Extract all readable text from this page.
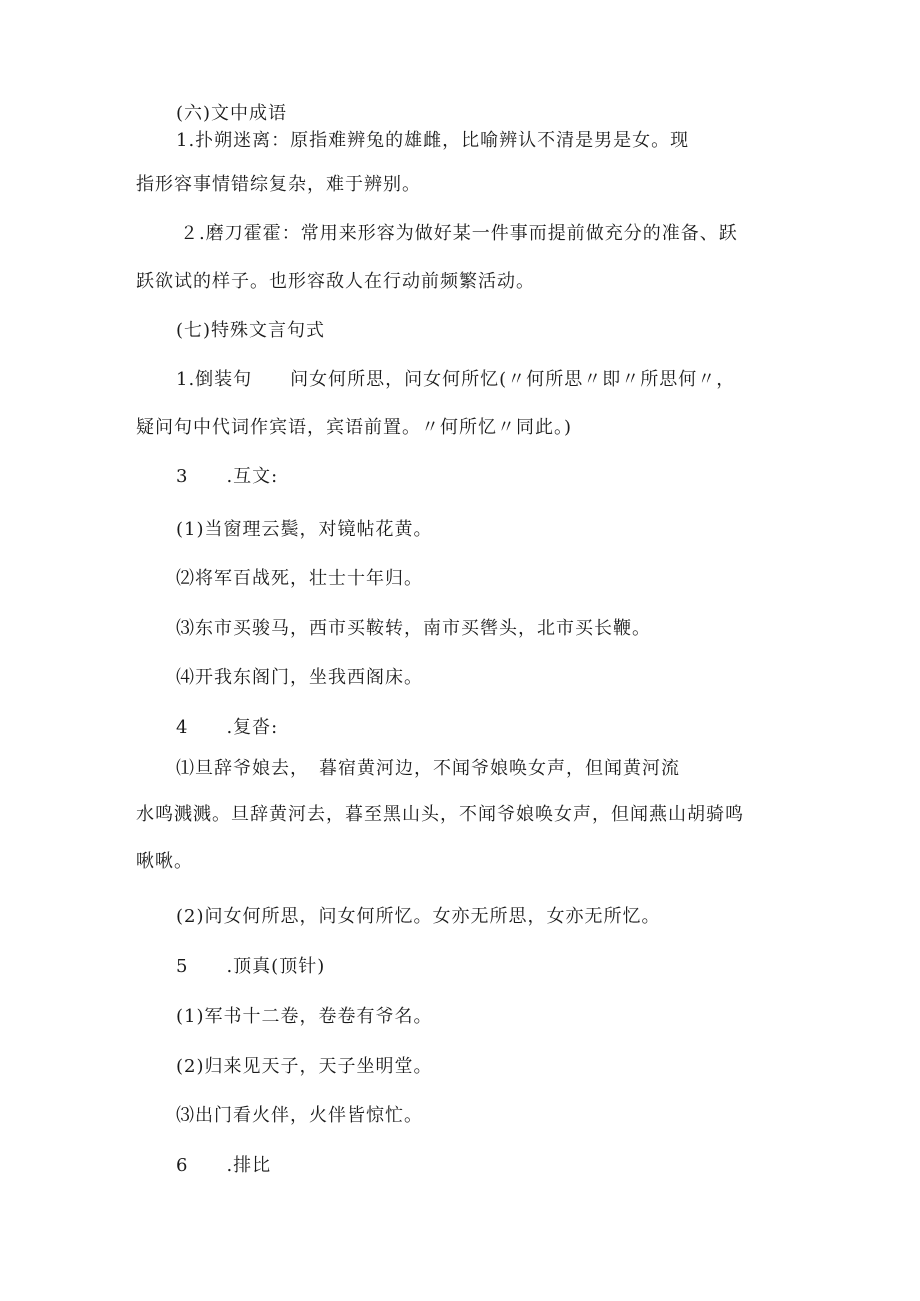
(六)文中成语
1.扑朔迷离：原指难辨兔的雄雌，比喻辨认不清是男是女。现
指形容事情错综复杂，难于辨别。
２.磨刀霍霍：常用来形容为做好某一件事而提前做充分的准备、跃
跃欲试的样子。也形容敌人在行动前频繁活动。
(七)特殊文言句式
1.倒装句　　问女何所思，问女何所忆(〃何所思〃即〃所思何〃，
疑问句中代词作宾语，宾语前置。〃何所忆〃同此。)
3 .互文:
(1)当窗理云鬓，对镜帖花黄。
⑵将军百战死，壮士十年归。
⑶东市买骏马，西市买鞍转，南市买辔头，北市买长鞭。
⑷开我东阁门，坐我西阁床。
4 .复沓:
⑴旦辞爷娘去，　暮宿黄河边，不闻爷娘唤女声，但闻黄河流
水鸣溅溅。旦辞黄河去，暮至黑山头，不闻爷娘唤女声，但闻燕山胡骑鸣
啾啾。
(2)问女何所思，问女何所忆。女亦无所思，女亦无所忆。
5 .顶真(顶针)
(1)军书十二卷，卷卷有爷名。
(2)归来见天子，天子坐明堂。
⑶出门看火伴，火伴皆惊忙。
6 .排比
